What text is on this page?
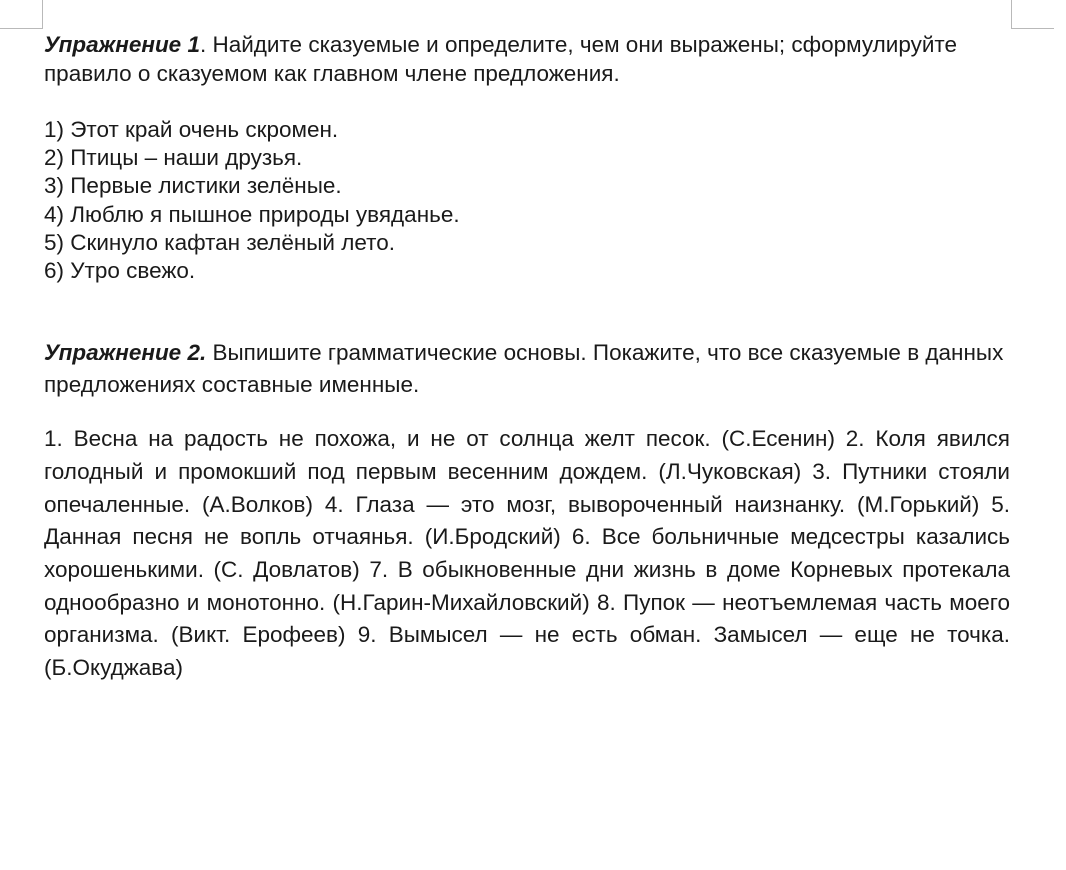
Упражнение 1. Найдите сказуемые и определите, чем они выражены; сформулируйте правило о сказуемом как главном члене предложения.

1) Этот край очень скромен.
2) Птицы – наши друзья.
3) Первые листики зелёные.
4) Люблю я пышное природы увяданье.
5) Скинуло кафтан зелёный лето.
6) Утро свежо.

Упражнение 2. Выпишите грамматические основы. Покажите, что все сказуемые в данных предложениях составные именные.

1. Весна на радость не похожа, и не от солнца желт песок. (С.Есенин) 2. Коля явился голодный и промокший под первым весенним дождем. (Л.Чуковская) 3. Путники стояли опечаленные. (А.Волков) 4. Глаза — это мозг, вывороченный наизнанку. (М.Горький) 5. Данная песня не вопль отчаянья. (И.Бродский) 6. Все больничные медсестры казались хорошенькими. (С. Довлатов) 7. В обыкновенные дни жизнь в доме Корневых протекала однообразно и монотонно. (Н.Гарин-Михайловский) 8. Пупок — неотъемлемая часть моего организма. (Викт. Ерофеев) 9. Вымысел — не есть обман. Замысел — еще не точка. (Б.Окуджава)
